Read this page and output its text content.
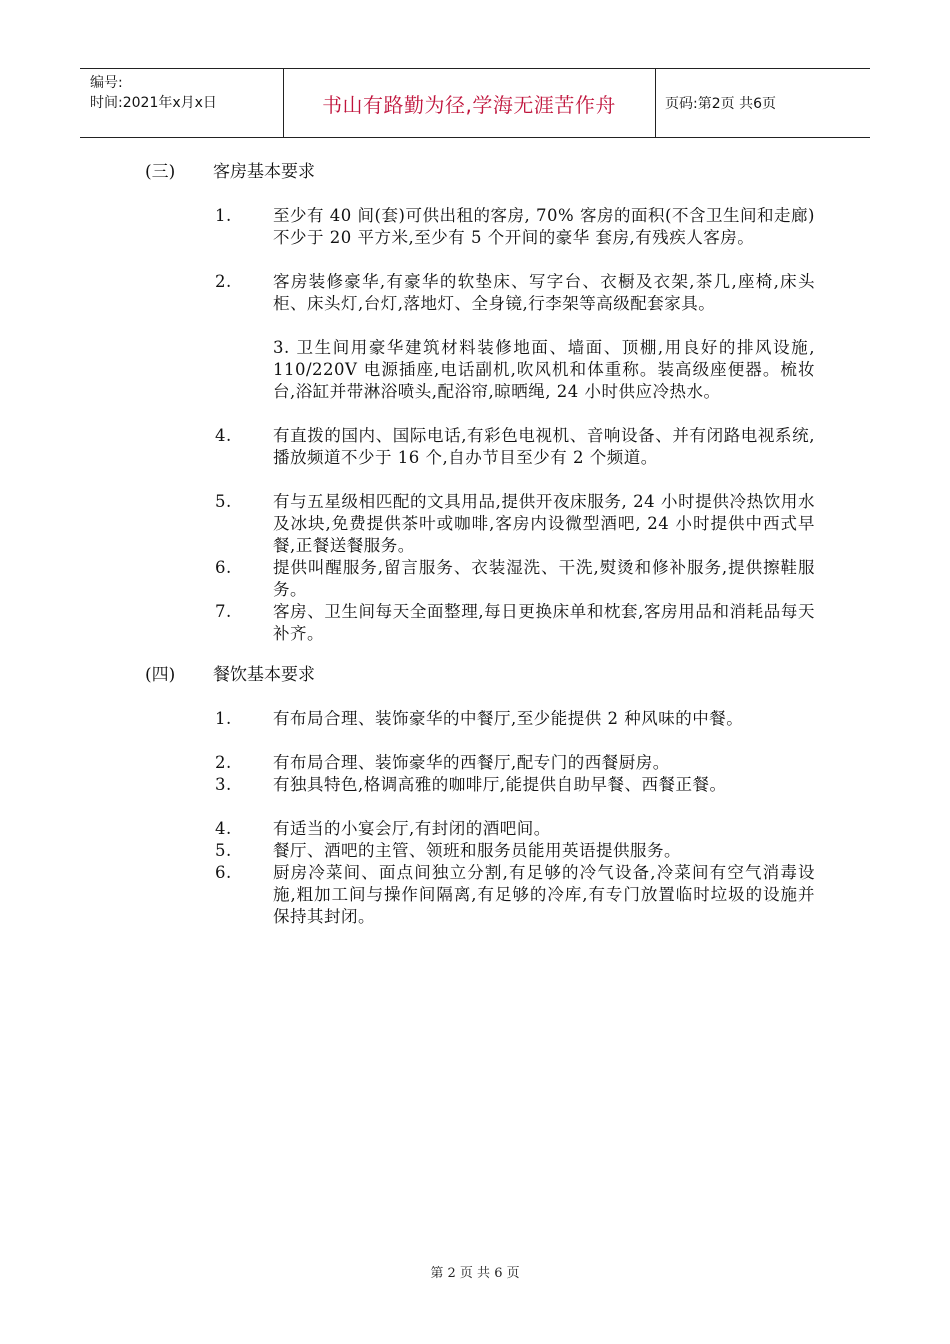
编号:
时间:2021年x月x日	书山有路勤为径,学海无涯苦作舟	页码:第2页 共6页
(三) 客房基本要求
1.	至少有 40 间(套)可供出租的客房, 70% 客房的面积(不含卫生间和走廊)不少于 20 平方米,至少有 5 个开间的豪华 套房,有残疾人客房。
2.	客房装修豪华,有豪华的软垫床、写字台、衣橱及衣架,茶几,座椅,床头柜、床头灯,台灯,落地灯、全身镜,行李架等高级配套家具。
3. 卫生间用豪华建筑材料装修地面、墙面、顶棚,用良好的排风设施, 110/220V 电源插座,电话副机,吹风机和体重称。装高级座便器。梳妆台,浴缸并带淋浴喷头,配浴帘,晾晒绳, 24 小时供应冷热水。
4.	有直拨的国内、国际电话,有彩色电视机、音响设备、并有闭路电视系统,播放频道不少于 16 个,自办节目至少有 2 个频道。
5.	有与五星级相匹配的文具用品,提供开夜床服务, 24 小时提供冷热饮用水及冰块,免费提供茶叶或咖啡,客房内设微型酒吧, 24 小时提供中西式早餐,正餐送餐服务。
6.	提供叫醒服务,留言服务、衣装湿洗、干洗,熨烫和修补服务,提供擦鞋服务。
7.	客房、卫生间每天全面整理,每日更换床单和枕套,客房用品和消耗品每天补齐。
(四) 餐饮基本要求
1.	有布局合理、装饰豪华的中餐厅,至少能提供 2 种风味的中餐。
2.	有布局合理、装饰豪华的西餐厅,配专门的西餐厨房。
3.	有独具特色,格调高雅的咖啡厅,能提供自助早餐、西餐正餐。
4.	有适当的小宴会厅,有封闭的酒吧间。
5.	餐厅、酒吧的主管、领班和服务员能用英语提供服务。
6.	厨房冷菜间、面点间独立分割,有足够的冷气设备,冷菜间有空气消毒设施,粗加工间与操作间隔离,有足够的冷库,有专门放置临时垃圾的设施并保持其封闭。
第 2 页 共 6 页
